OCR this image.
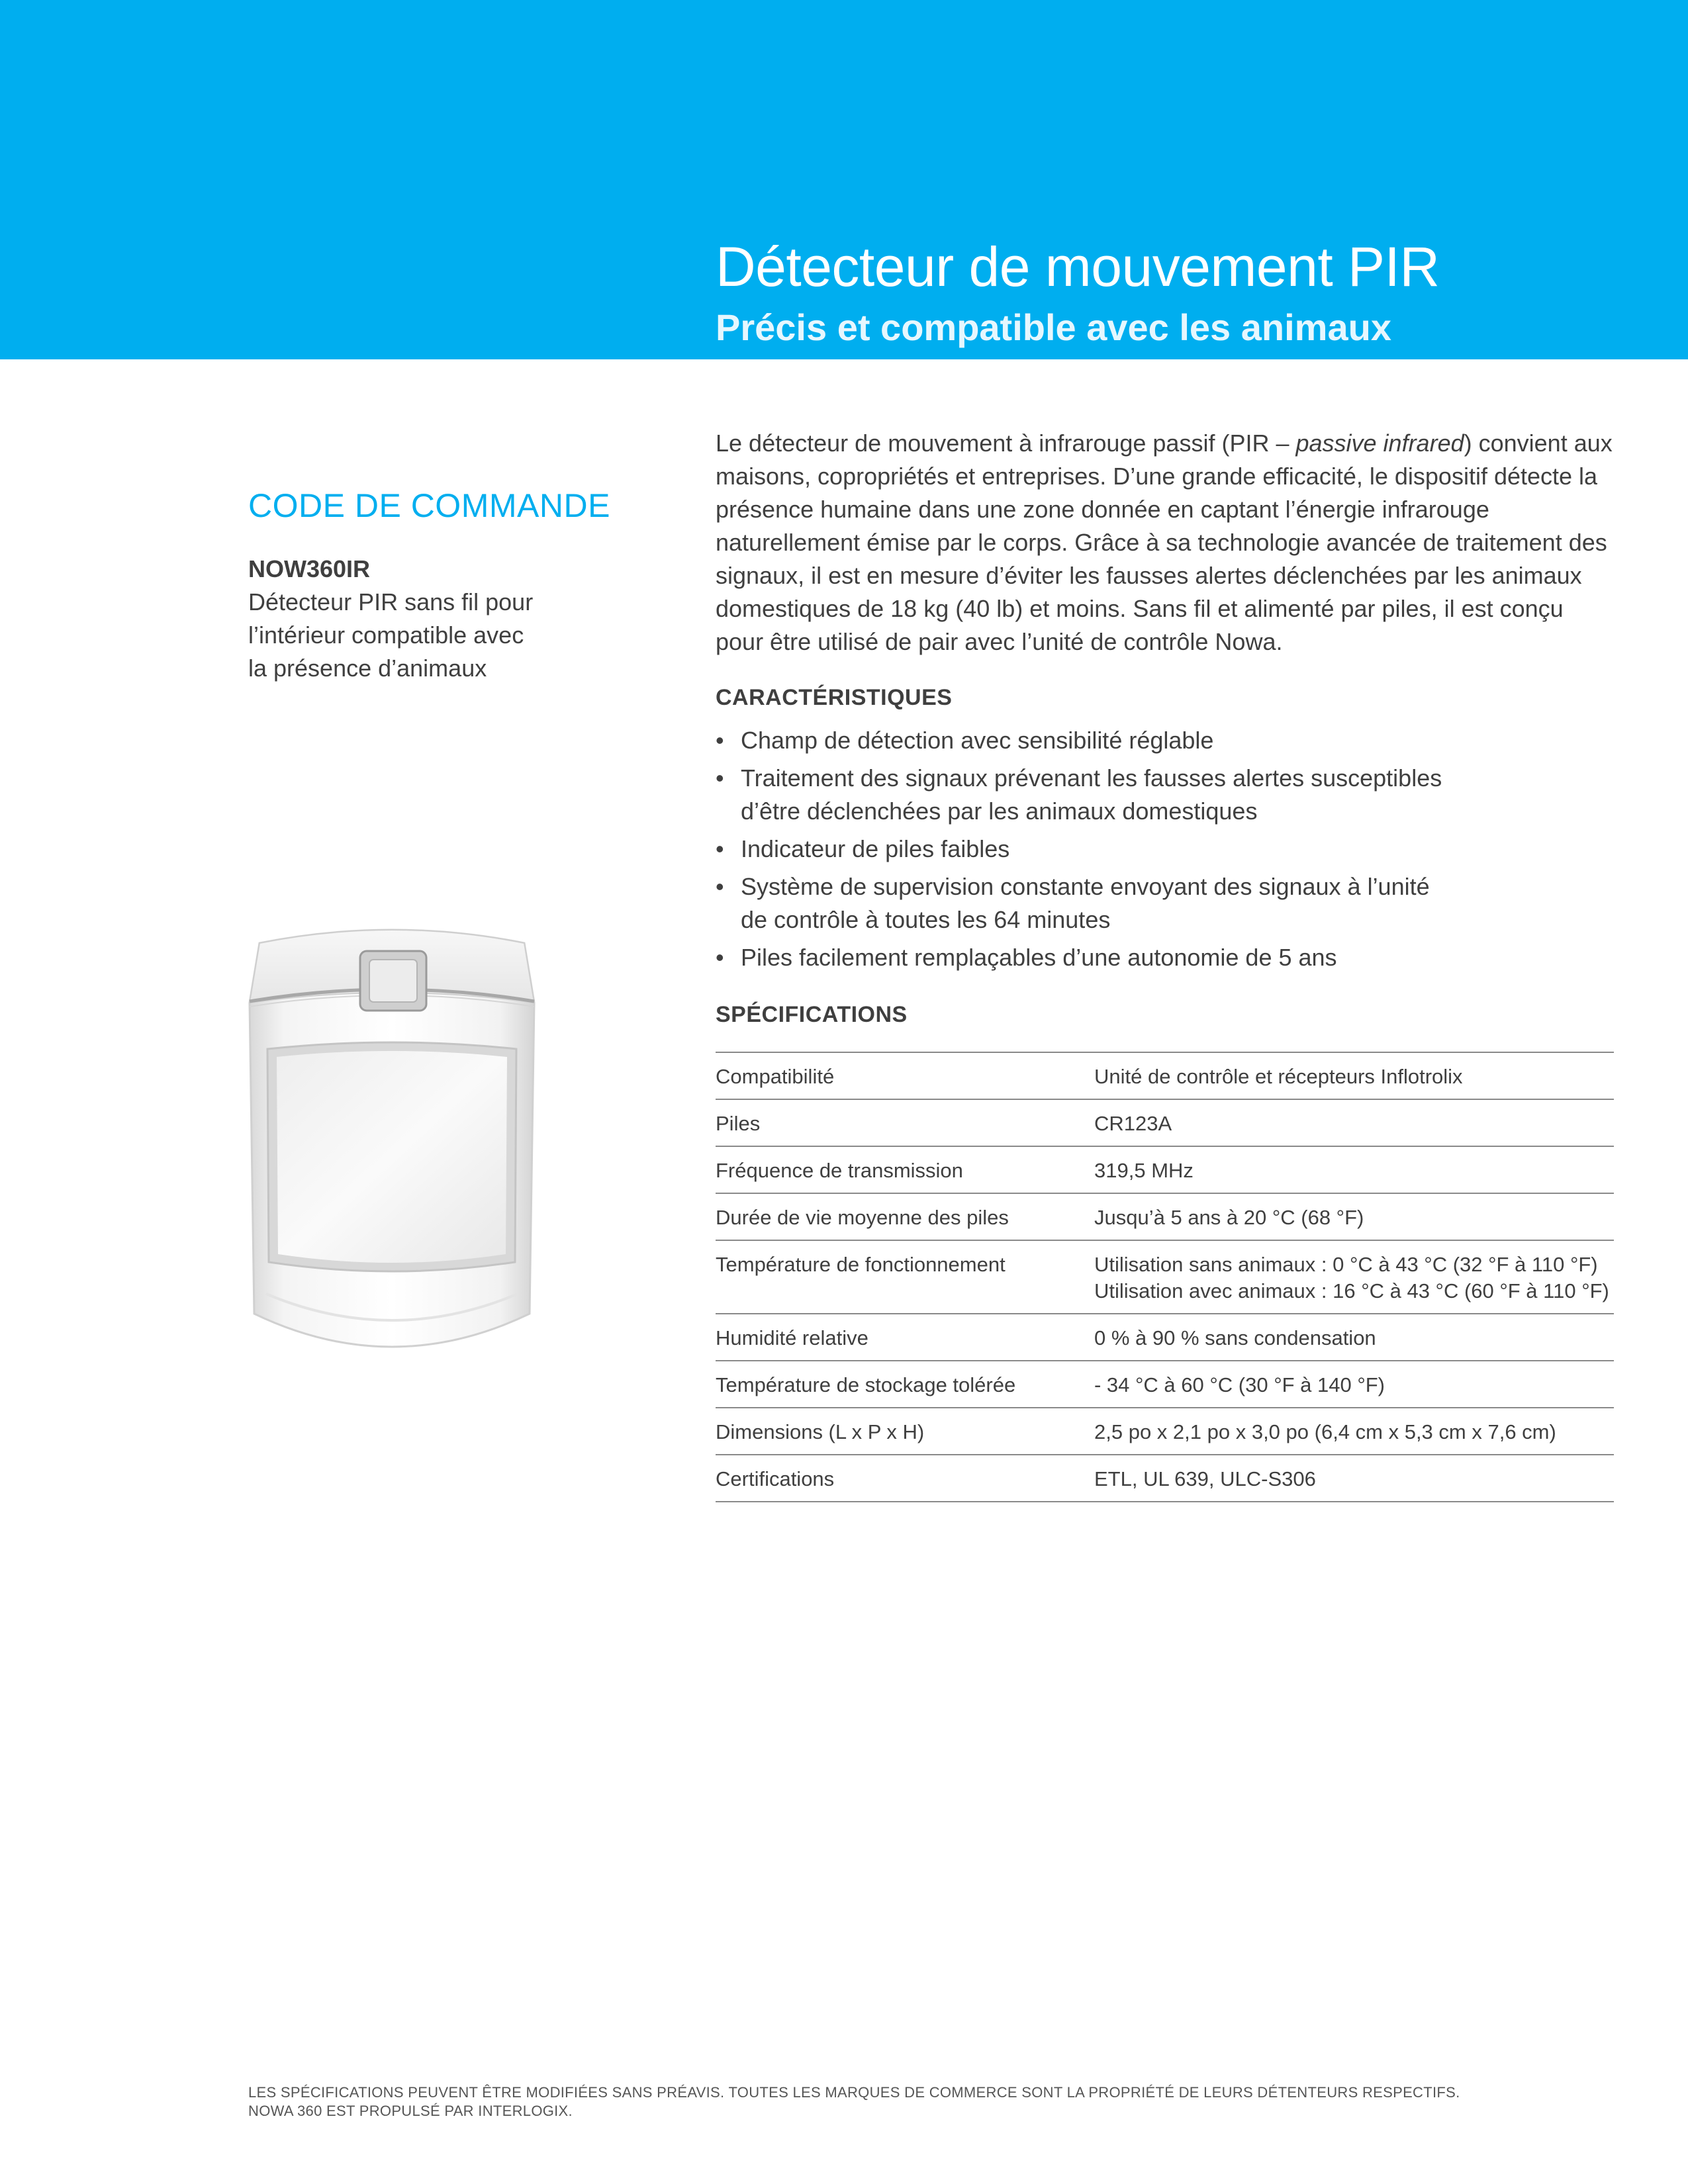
Détecteur de mouvement PIR
Précis et compatible avec les animaux
CODE DE COMMANDE
NOW360IR
Détecteur PIR sans fil pour
l’intérieur compatible avec
la présence d’animaux

Le détecteur de mouvement à infrarouge passif (PIR – passive infrared) convient aux maisons, copropriétés et entreprises. D’une grande efficacité, le dispositif détecte la présence humaine dans une zone donnée en captant l’énergie infrarouge naturellement émise par le corps. Grâce à sa technologie avancée de traitement des signaux, il est en mesure d’éviter les fausses alertes déclenchées par les animaux domestiques de 18 kg (40 lb) et moins. Sans fil et alimenté par piles, il est conçu pour être utilisé de pair avec l’unité de contrôle Nowa.

CARACTÉRISTIQUES
• Champ de détection avec sensibilité réglable
• Traitement des signaux prévenant les fausses alertes susceptibles d’être déclenchées par les animaux domestiques
• Indicateur de piles faibles
• Système de supervision constante envoyant des signaux à l’unité de contrôle à toutes les 64 minutes
• Piles facilement remplaçables d’une autonomie de 5 ans
SPÉCIFICATIONS
Compatibilité	Unité de contrôle et récepteurs Inflotrolix
Piles	CR123A
Fréquence de transmission	319,5 MHz
Durée de vie moyenne des piles	Jusqu’à 5 ans à 20 °C (68 °F)
Température de fonctionnement	Utilisation sans animaux : 0 °C à 43 °C (32 °F à 110 °F)
Utilisation avec animaux : 16 °C à 43 °C (60 °F à 110 °F)

Humidité relative	0 % à 90 % sans condensation
Température de stockage tolérée	- 34 °C à 60 °C (30 °F à 140 °F)
Dimensions (L x P x H)	2,5 po x 2,1 po x 3,0 po (6,4 cm x 5,3 cm x 7,6 cm)
Certifications	ETL, UL 639, ULC-S306
LES SPÉCIFICATIONS PEUVENT ÊTRE MODIFIÉES SANS PRÉAVIS. TOUTES LES MARQUES DE COMMERCE SONT LA PROPRIÉTÉ DE LEURS DÉTENTEURS RESPECTIFS.
NOWA 360 EST PROPULSÉ PAR INTERLOGIX.
